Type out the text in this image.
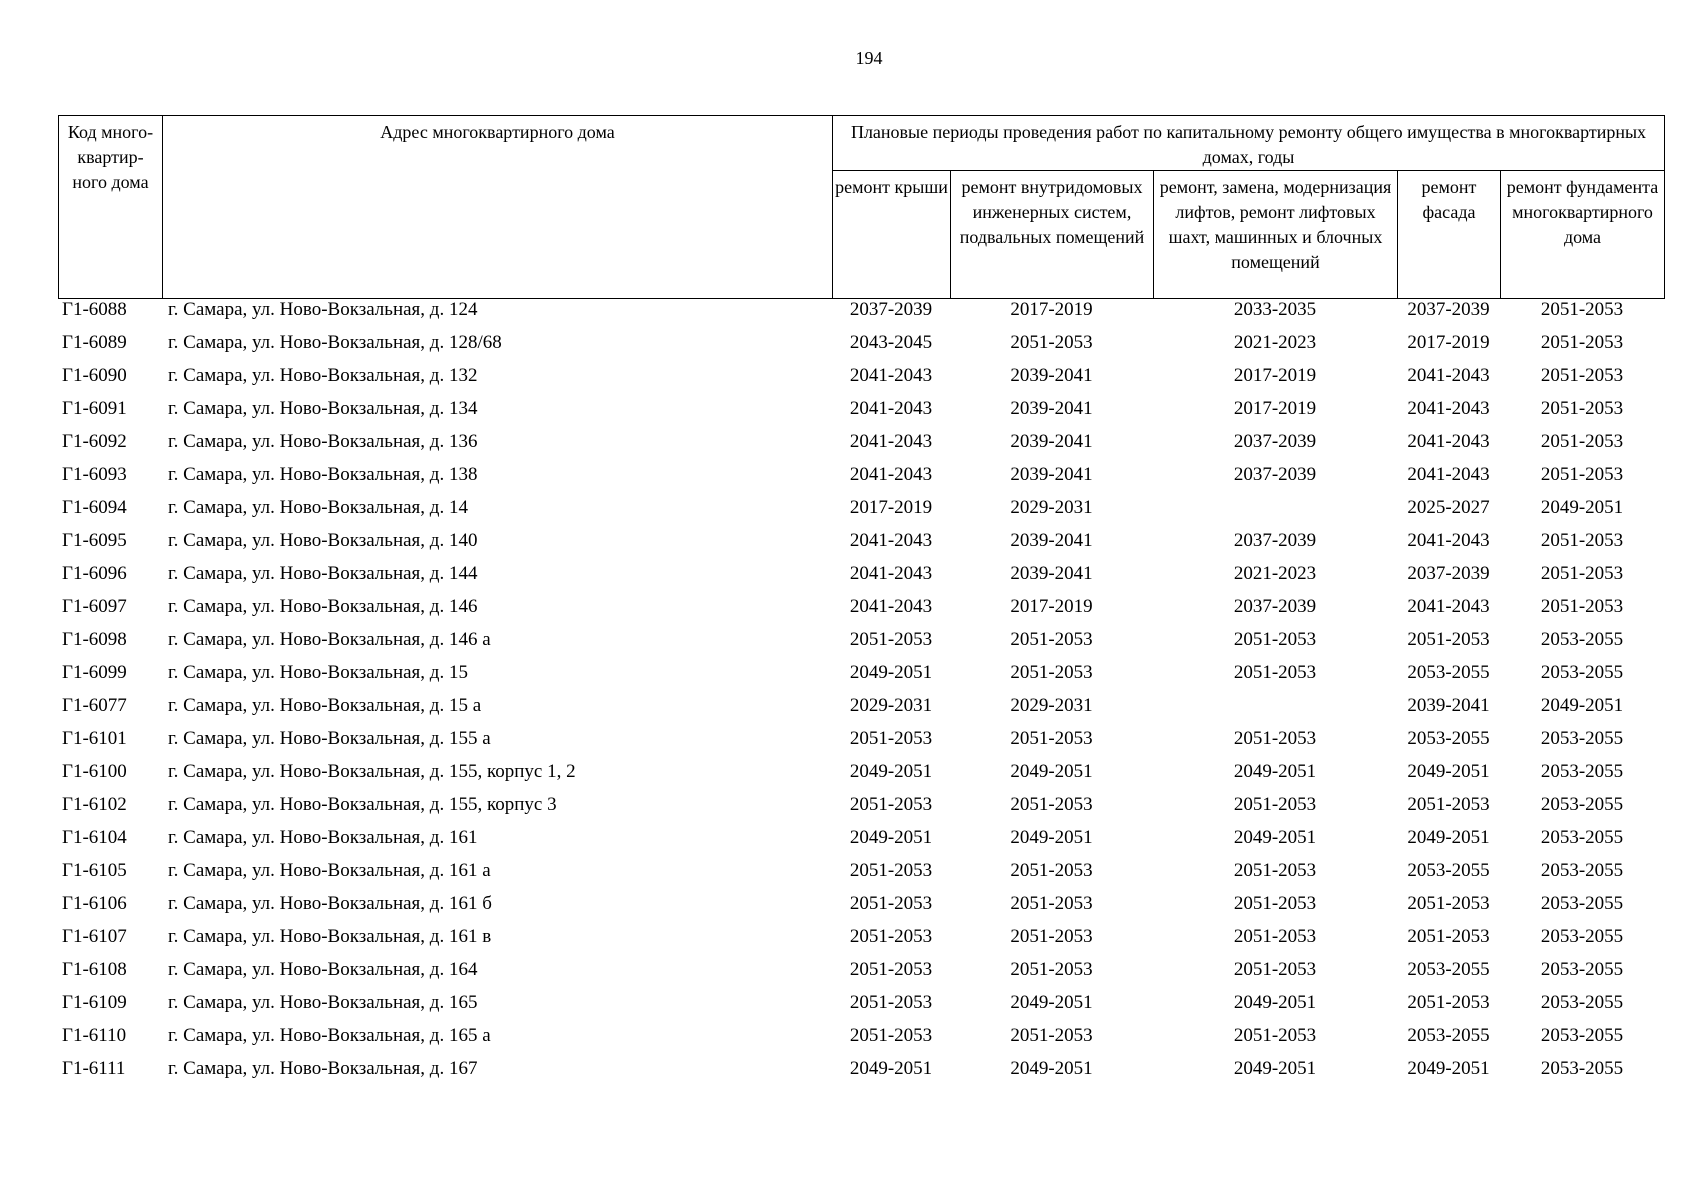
194
Код много-квартир-ного дома	Адрес многоквартирного дома	Плановые периоды проведения работ по капитальному ремонту общего имущества в многоквартирных домах, годы				
		ремонт крыши	ремонт внутридомовых инженерных систем, подвальных помещений	ремонт, замена, модернизация лифтов, ремонт лифтовых шахт, машинных и блочных помещений	ремонт фасада	ремонт фундамента многоквартирного дома
Г1-6088	г. Самара, ул. Ново-Вокзальная, д. 124	2037-2039	2017-2019	2033-2035	2037-2039	2051-2053
Г1-6089	г. Самара, ул. Ново-Вокзальная, д. 128/68	2043-2045	2051-2053	2021-2023	2017-2019	2051-2053
Г1-6090	г. Самара, ул. Ново-Вокзальная, д. 132	2041-2043	2039-2041	2017-2019	2041-2043	2051-2053
Г1-6091	г. Самара, ул. Ново-Вокзальная, д. 134	2041-2043	2039-2041	2017-2019	2041-2043	2051-2053
Г1-6092	г. Самара, ул. Ново-Вокзальная, д. 136	2041-2043	2039-2041	2037-2039	2041-2043	2051-2053
Г1-6093	г. Самара, ул. Ново-Вокзальная, д. 138	2041-2043	2039-2041	2037-2039	2041-2043	2051-2053
Г1-6094	г. Самара, ул. Ново-Вокзальная, д. 14	2017-2019	2029-2031		2025-2027	2049-2051
Г1-6095	г. Самара, ул. Ново-Вокзальная, д. 140	2041-2043	2039-2041	2037-2039	2041-2043	2051-2053
Г1-6096	г. Самара, ул. Ново-Вокзальная, д. 144	2041-2043	2039-2041	2021-2023	2037-2039	2051-2053
Г1-6097	г. Самара, ул. Ново-Вокзальная, д. 146	2041-2043	2017-2019	2037-2039	2041-2043	2051-2053
Г1-6098	г. Самара, ул. Ново-Вокзальная, д. 146 а	2051-2053	2051-2053	2051-2053	2051-2053	2053-2055
Г1-6099	г. Самара, ул. Ново-Вокзальная, д. 15	2049-2051	2051-2053	2051-2053	2053-2055	2053-2055
Г1-6077	г. Самара, ул. Ново-Вокзальная, д. 15 а	2029-2031	2029-2031		2039-2041	2049-2051
Г1-6101	г. Самара, ул. Ново-Вокзальная, д. 155 а	2051-2053	2051-2053	2051-2053	2053-2055	2053-2055
Г1-6100	г. Самара, ул. Ново-Вокзальная, д. 155, корпус 1, 2	2049-2051	2049-2051	2049-2051	2049-2051	2053-2055
Г1-6102	г. Самара, ул. Ново-Вокзальная, д. 155, корпус 3	2051-2053	2051-2053	2051-2053	2051-2053	2053-2055
Г1-6104	г. Самара, ул. Ново-Вокзальная, д. 161	2049-2051	2049-2051	2049-2051	2049-2051	2053-2055
Г1-6105	г. Самара, ул. Ново-Вокзальная, д. 161 а	2051-2053	2051-2053	2051-2053	2053-2055	2053-2055
Г1-6106	г. Самара, ул. Ново-Вокзальная, д. 161 б	2051-2053	2051-2053	2051-2053	2051-2053	2053-2055
Г1-6107	г. Самара, ул. Ново-Вокзальная, д. 161 в	2051-2053	2051-2053	2051-2053	2051-2053	2053-2055
Г1-6108	г. Самара, ул. Ново-Вокзальная, д. 164	2051-2053	2051-2053	2051-2053	2053-2055	2053-2055
Г1-6109	г. Самара, ул. Ново-Вокзальная, д. 165	2051-2053	2049-2051	2049-2051	2051-2053	2053-2055
Г1-6110	г. Самара, ул. Ново-Вокзальная, д. 165 а	2051-2053	2051-2053	2051-2053	2053-2055	2053-2055
Г1-6111	г. Самара, ул. Ново-Вокзальная, д. 167	2049-2051	2049-2051	2049-2051	2049-2051	2053-2055
